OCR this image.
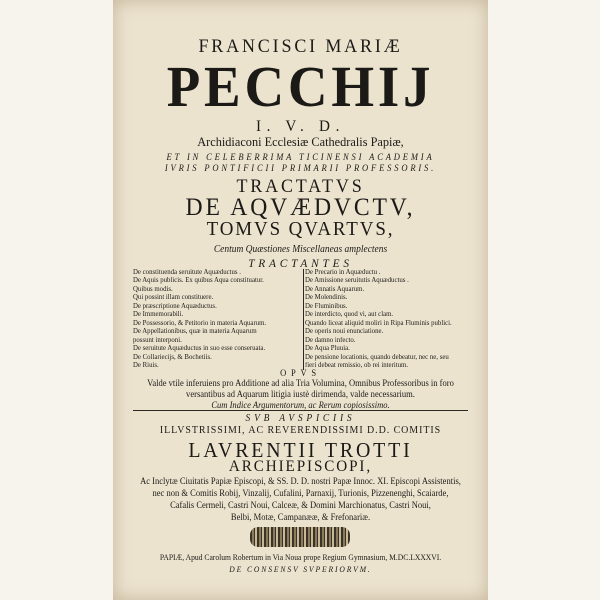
FRANCISCI MARIÆ
PECCHIJ
I. V. D.
Archidiaconi Ecclesiæ Cathedralis Papiæ,
ET IN CELEBERRIMA TICINENSI ACADEMIA
IVRIS PONTIFICII PRIMARII PROFESSORIS.
TRACTATVS
DE AQVÆDVCTV,
TOMVS QVARTVS,
Centum Quæstiones Miscellaneas amplectens
TRACTANTES
De constituenda seruitute Aquæductus .
De Aquis publicis. Ex quibus Aqua constituatur.
Quibus modis.
Qui possint illam constituere.
De præscriptione Aquæductus.
De Immemorabili.
De Possessorio, & Petitorio in materia Aquarum.
De Appellationibus, quæ in materia Aquarum
possunt interponi.
De seruitute Aquæductus in suo esse conseruata.
De Collariecijs, & Bochetiis.
De Riuis.
De Precario in Aquæductu .
De Amissione seruitutis Aquæductus .
De Annatis Aquarum.
De Molendinis.
De Fluminibus.
De interdicto, quod vi, aut clam.
Quando liceat aliquid moliri in Ripa Fluminis publici.
De operis noui enunciatione.
De damno infecto.
De Aqua Pluuia.
De pensione locationis, quando debeatur, nec ne, seu
fieri debeat remissio, ob rei interitum.
OPVS
Valde vtile inferuiens pro Additione ad alia Tria Volumina, Omnibus Professoribus in foro
versantibus ad Aquarum litigia iustè dirimenda, valde necessarium.
Cum Indice Argumentorum, ac Rerum copiosissimo.
SVB AVSPICIIS
ILLVSTRISSIMI, AC REVERENDISSIMI D.D. COMITIS
LAVRENTII TROTTI
ARCHIEPISCOPI,
Ac Inclytæ Ciuitatis Papiæ Episcopi, & SS. D. D. nostri Papæ Innoc. XI. Episcopi Assistentis,
nec non & Comitis Robij, Vinzalij, Cufalini, Parnaxij, Turionis, Pizzenenghi, Scaiarde,
Cafalis Cermeli, Castri Noui, Calceæ, & Domini Marchionatus, Castri Noui,
Belbi, Motæ, Campanææ, & Frefonariæ.
PAPIÆ, Apud Carolum Robertum in Via Noua prope Regium Gymnasium, M.DC.LXXXVI.
DE CONSENSV SVPERIORVM.
